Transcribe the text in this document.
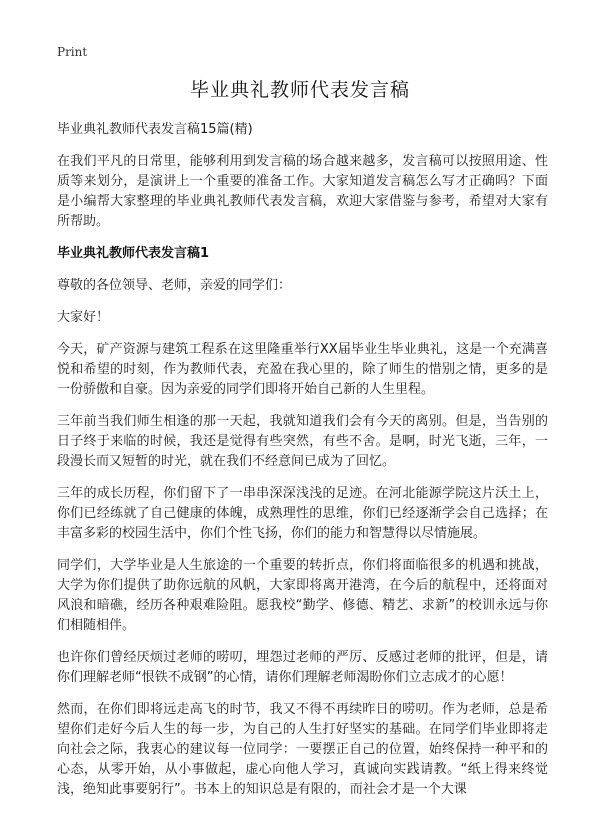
Print
毕业典礼教师代表发言稿

毕业典礼教师代表发言稿15篇(精)

在我们平凡的日常里，能够利用到发言稿的场合越来越多，发言稿可以按照用途、性质等来划分，是演讲上一个重要的准备工作。大家知道发言稿怎么写才正确吗？下面是小编帮大家整理的毕业典礼教师代表发言稿，欢迎大家借鉴与参考，希望对大家有所帮助。

毕业典礼教师代表发言稿1

尊敬的各位领导、老师，亲爱的同学们：

大家好！

今天，矿产资源与建筑工程系在这里隆重举行XX届毕业生毕业典礼，这是一个充满喜悦和希望的时刻，作为教师代表，充盈在我心里的，除了师生的惜别之情，更多的是一份骄傲和自豪。因为亲爱的同学们即将开始自己新的人生里程。

三年前当我们师生相逢的那一天起，我就知道我们会有今天的离别。但是，当告别的日子终于来临的时候，我还是觉得有些突然，有些不舍。是啊，时光飞逝，三年，一段漫长而又短暂的时光，就在我们不经意间已成为了回忆。

三年的成长历程，你们留下了一串串深深浅浅的足迹。在河北能源学院这片沃土上，你们已经练就了自己健康的体魄，成熟理性的思维，你们已经逐渐学会自己选择；在丰富多彩的校园生活中，你们个性飞扬，你们的能力和智慧得以尽情施展。

同学们，大学毕业是人生旅途的一个重要的转折点，你们将面临很多的机遇和挑战，大学为你们提供了助你远航的风帆，大家即将离开港湾，在今后的航程中，还将面对风浪和暗礁，经历各种艰难险阻。愿我校“勤学、修德、精艺、求新”的校训永远与你们相随相伴。

也许你们曾经厌烦过老师的唠叨，埋怨过老师的严厉、反感过老师的批评，但是，请你们理解老师“恨铁不成钢”的心情，请你们理解老师渴盼你们立志成才的心愿！

然而，在你们即将远走高飞的时节，我又不得不再续昨日的唠叨。作为老师，总是希望你们走好今后人生的每一步，为自己的人生打好坚实的基础。在同学们毕业即将走向社会之际，我衷心的建议每一位同学：一要摆正自己的位置，始终保持一种平和的心态，从零开始，从小事做起，虚心向他人学习，真诚向实践请教。“纸上得来终觉浅，绝知此事要躬行”。书本上的知识总是有限的，而社会才是一个大课
